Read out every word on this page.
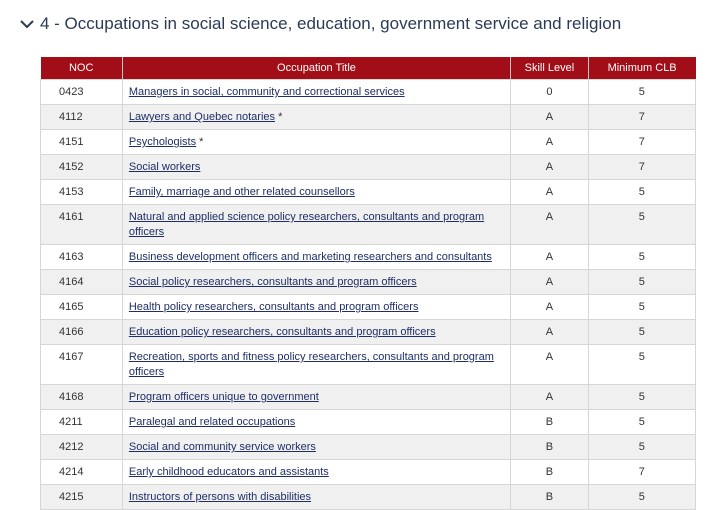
4 - Occupations in social science, education, government service and religion
NOC	Occupation Title	Skill Level	Minimum CLB
0423	Managers in social, community and correctional services	0	5
4112	Lawyers and Quebec notaries *	A	7
4151	Psychologists *	A	7
4152	Social workers	A	7
4153	Family, marriage and other related counsellors	A	5
4161	Natural and applied science policy researchers, consultants and program officers	A	5
4163	Business development officers and marketing researchers and consultants	A	5
4164	Social policy researchers, consultants and program officers	A	5
4165	Health policy researchers, consultants and program officers	A	5
4166	Education policy researchers, consultants and program officers	A	5
4167	Recreation, sports and fitness policy researchers, consultants and program officers	A	5
4168	Program officers unique to government	A	5
4211	Paralegal and related occupations	B	5
4212	Social and community service workers	B	5
4214	Early childhood educators and assistants	B	7
4215	Instructors of persons with disabilities	B	5
